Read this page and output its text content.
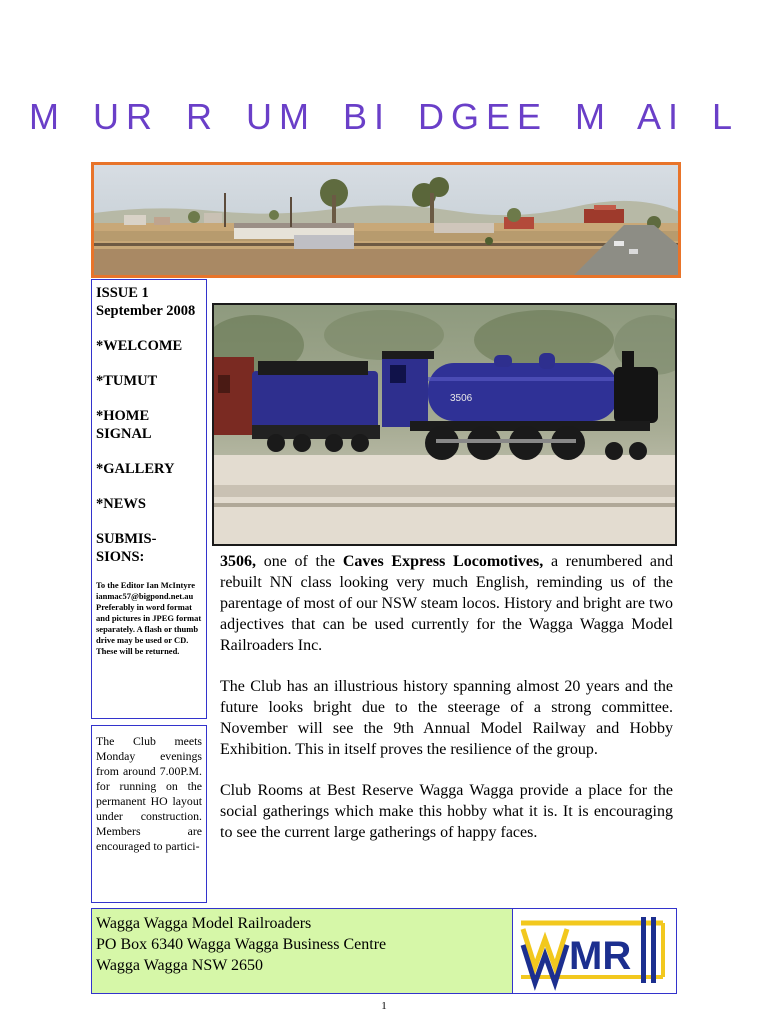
M UR R UM BI DGEE M AI L
ISSUE 1
September 2008
*WELCOME
*TUMUT
*HOME SIGNAL
*GALLERY
*NEWS
SUBMIS-SIONS:
To the Editor Ian McIntyre ianmac57@bigpond.net.au Preferably in word format and pictures in JPEG format separately. A flash or thumb drive may be used or CD. These will be returned.
The Club meets Monday evenings from around 7.00P.M. for running on the permanent HO layout under construction. Members are encouraged to partici-
3506

3506, one of the Caves Express Locomotives, a renumbered and rebuilt NN class looking very much English, reminding us of the parentage of most of our NSW steam locos. History and bright are two adjectives that can be used currently for the Wagga Wagga Model Railroaders Inc.

The Club has an illustrious history spanning almost 20 years and the future looks bright due to the steerage of a strong committee. November will see the 9th Annual Model Railway and Hobby Exhibition. This in itself proves the resilience of the group.

Club Rooms at Best Reserve Wagga Wagga provide a place for the social gatherings which make this hobby what it is. It is encouraging to see the current large gatherings of happy faces.

Wagga Wagga Model Railroaders
PO Box 6340 Wagga Wagga Business Centre
Wagga Wagga NSW 2650	MR
1
